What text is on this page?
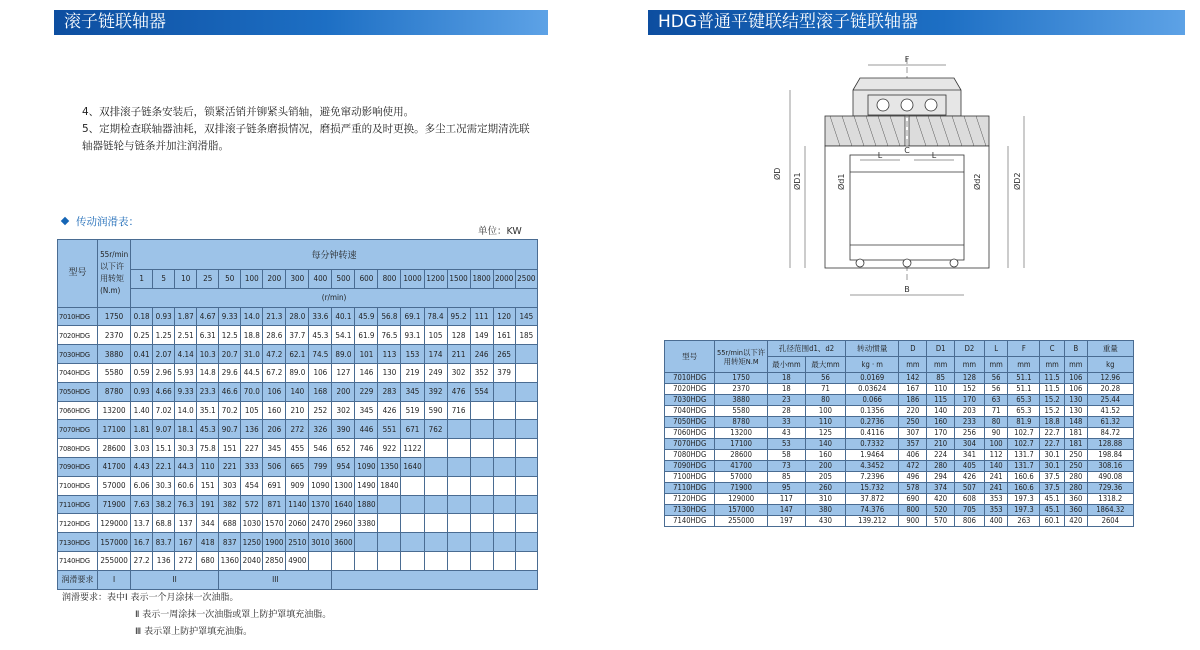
滚子链联轴器
4、双排滚子链条安装后，锁紧活销并铆紧头销轴，避免窜动影响使用。
5、定期检查联轴器油耗，双排滚子链条磨损情况，磨损严重的及时更换。多尘工况需定期清洗联轴器链轮与链条并加注润滑脂。
传动润滑表：
单位：KW
型号	55r/min以下许用转矩(N.m)	每分钟转速																	
		1	5	10	25	50	100	200	300	400	500	600	800	1000	1200	1500	1800	2000	2500
		(r/min)																	
7010HDG	1750	0.18	0.93	1.87	4.67	9.33	14.0	21.3	28.0	33.6	40.1	45.9	56.8	69.1	78.4	95.2	111	120	145
7020HDG	2370	0.25	1.25	2.51	6.31	12.5	18.8	28.6	37.7	45.3	54.1	61.9	76.5	93.1	105	128	149	161	185
7030HDG	3880	0.41	2.07	4.14	10.3	20.7	31.0	47.2	62.1	74.5	89.0	101	113	153	174	211	246	265	
7040HDG	5580	0.59	2.96	5.93	14.8	29.6	44.5	67.2	89.0	106	127	146	130	219	249	302	352	379	
7050HDG	8780	0.93	4.66	9.33	23.3	46.6	70.0	106	140	168	200	229	283	345	392	476	554		
7060HDG	13200	1.40	7.02	14.0	35.1	70.2	105	160	210	252	302	345	426	519	590	716			
7070HDG	17100	1.81	9.07	18.1	45.3	90.7	136	206	272	326	390	446	551	671	762				
7080HDG	28600	3.03	15.1	30.3	75.8	151	227	345	455	546	652	746	922	1122					
7090HDG	41700	4.43	22.1	44.3	110	221	333	506	665	799	954	1090	1350	1640					
7100HDG	57000	6.06	30.3	60.6	151	303	454	691	909	1090	1300	1490	1840						
7110HDG	71900	7.63	38.2	76.3	191	382	572	871	1140	1370	1640	1880							
7120HDG	129000	13.7	68.8	137	344	688	1030	1570	2060	2470	2960	3380							
7130HDG	157000	16.7	83.7	167	418	837	1250	1900	2510	3010	3600								
7140HDG	255000	27.2	136	272	680	1360	2040	2850	4900										
润滑要求	I	II				III													
润滑要求：表中Ⅰ 表示一个月涂抹一次油脂。
Ⅱ 表示一周涂抹一次油脂或罩上防护罩填充油脂。
Ⅲ 表示罩上防护罩填充油脂。
HDG普通平键联结型滚子链联轴器
F
C
L	L
B
ØD ØD1	Ød1	Ød2	ØD2
型号	55r/min以下许用转矩N.M	孔径范围d1、d2		转动惯量	D	D1	D2	L	F	C	B	重量
		最小mm	最大mm	kg · m	mm	mm	mm	mm	mm	mm	mm	kg
7010HDG	1750	18	56	0.0169	142	85	128	56	51.1	11.5	106	12.96
7020HDG	2370	18	71	0.03624	167	110	152	56	51.1	11.5	106	20.28
7030HDG	3880	23	80	0.066	186	115	170	63	65.3	15.2	130	25.44
7040HDG	5580	28	100	0.1356	220	140	203	71	65.3	15.2	130	41.52
7050HDG	8780	33	110	0.2736	250	160	233	80	81.9	18.8	148	61.32
7060HDG	13200	43	125	0.4116	307	170	256	90	102.7	22.7	181	84.72
7070HDG	17100	53	140	0.7332	357	210	304	100	102.7	22.7	181	128.88
7080HDG	28600	58	160	1.9464	406	224	341	112	131.7	30.1	250	198.84
7090HDG	41700	73	200	4.3452	472	280	405	140	131.7	30.1	250	308.16
7100HDG	57000	85	205	7.2396	496	294	426	241	160.6	37.5	280	490.08
7110HDG	71900	95	260	15.732	578	374	507	241	160.6	37.5	280	729.36
7120HDG	129000	117	310	37.872	690	420	608	353	197.3	45.1	360	1318.2
7130HDG	157000	147	380	74.376	800	520	705	353	197.3	45.1	360	1864.32
7140HDG	255000	197	430	139.212	900	570	806	400	263	60.1	420	2604
